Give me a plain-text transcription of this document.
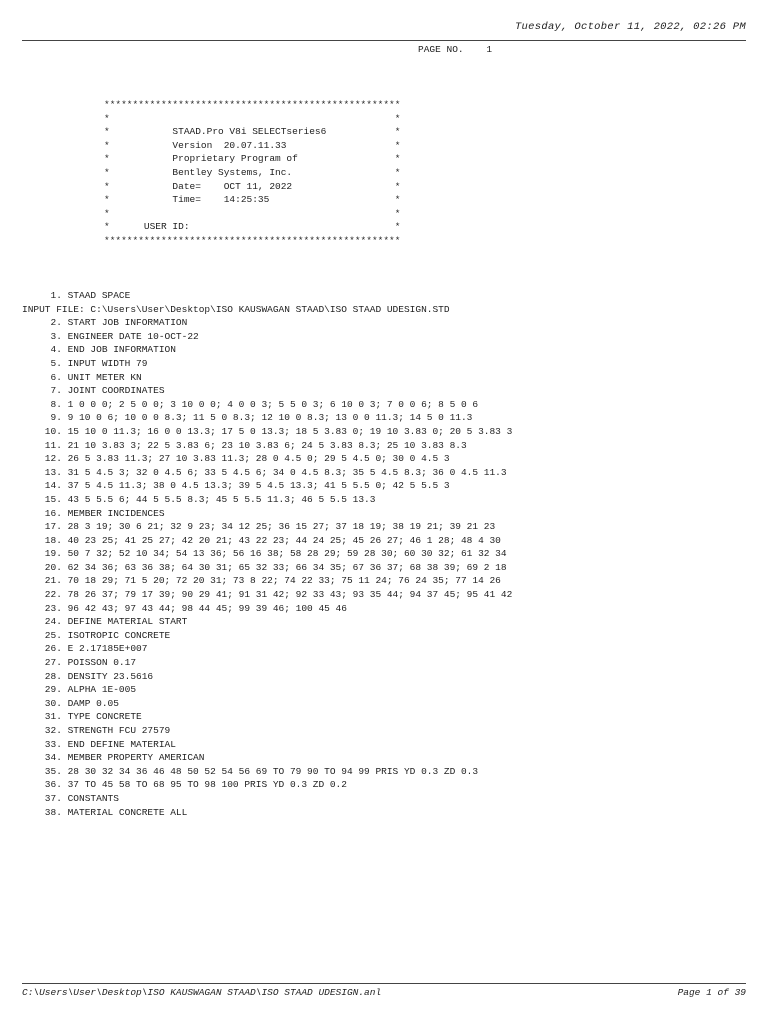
Tuesday, October 11, 2022, 02:26 PM
PAGE NO.    1
****************************************************
*                                                  *
*           STAAD.Pro V8i SELECTseries6            *
*           Version  20.07.11.33                   *
*           Proprietary Program of                 *
*           Bentley Systems, Inc.                  *
*           Date=    OCT 11, 2022                  *
*           Time=    14:25:35                      *
*                                                  *
*      USER ID:                                    *
****************************************************
1. STAAD SPACE
INPUT FILE: C:\Users\User\Desktop\ISO KAUSWAGAN STAAD\ISO STAAD UDESIGN.STD
2. START JOB INFORMATION
3. ENGINEER DATE 10-OCT-22
4. END JOB INFORMATION
5. INPUT WIDTH 79
6. UNIT METER KN
7. JOINT COORDINATES
8. 1 0 0 0; 2 5 0 0; 3 10 0 0; 4 0 0 3; 5 5 0 3; 6 10 0 3; 7 0 0 6; 8 5 0 6
9. 9 10 0 6; 10 0 0 8.3; 11 5 0 8.3; 12 10 0 8.3; 13 0 0 11.3; 14 5 0 11.3
10. 15 10 0 11.3; 16 0 0 13.3; 17 5 0 13.3; 18 5 3.83 0; 19 10 3.83 0; 20 5 3.83 3
11. 21 10 3.83 3; 22 5 3.83 6; 23 10 3.83 6; 24 5 3.83 8.3; 25 10 3.83 8.3
12. 26 5 3.83 11.3; 27 10 3.83 11.3; 28 0 4.5 0; 29 5 4.5 0; 30 0 4.5 3
13. 31 5 4.5 3; 32 0 4.5 6; 33 5 4.5 6; 34 0 4.5 8.3; 35 5 4.5 8.3; 36 0 4.5 11.3
14. 37 5 4.5 11.3; 38 0 4.5 13.3; 39 5 4.5 13.3; 41 5 5.5 0; 42 5 5.5 3
15. 43 5 5.5 6; 44 5 5.5 8.3; 45 5 5.5 11.3; 46 5 5.5 13.3
16. MEMBER INCIDENCES
17. 28 3 19; 30 6 21; 32 9 23; 34 12 25; 36 15 27; 37 18 19; 38 19 21; 39 21 23
18. 40 23 25; 41 25 27; 42 20 21; 43 22 23; 44 24 25; 45 26 27; 46 1 28; 48 4 30
19. 50 7 32; 52 10 34; 54 13 36; 56 16 38; 58 28 29; 59 28 30; 60 30 32; 61 32 34
20. 62 34 36; 63 36 38; 64 30 31; 65 32 33; 66 34 35; 67 36 37; 68 38 39; 69 2 18
21. 70 18 29; 71 5 20; 72 20 31; 73 8 22; 74 22 33; 75 11 24; 76 24 35; 77 14 26
22. 78 26 37; 79 17 39; 90 29 41; 91 31 42; 92 33 43; 93 35 44; 94 37 45; 95 41 42
23. 96 42 43; 97 43 44; 98 44 45; 99 39 46; 100 45 46
24. DEFINE MATERIAL START
25. ISOTROPIC CONCRETE
26. E 2.17185E+007
27. POISSON 0.17
28. DENSITY 23.5616
29. ALPHA 1E-005
30. DAMP 0.05
31. TYPE CONCRETE
32. STRENGTH FCU 27579
33. END DEFINE MATERIAL
34. MEMBER PROPERTY AMERICAN
35. 28 30 32 34 36 46 48 50 52 54 56 69 TO 79 90 TO 94 99 PRIS YD 0.3 ZD 0.3
36. 37 TO 45 58 TO 68 95 TO 98 100 PRIS YD 0.3 ZD 0.2
37. CONSTANTS
38. MATERIAL CONCRETE ALL
C:\Users\User\Desktop\ISO KAUSWAGAN STAAD\ISO STAAD UDESIGN.anl	Page 1 of 39
